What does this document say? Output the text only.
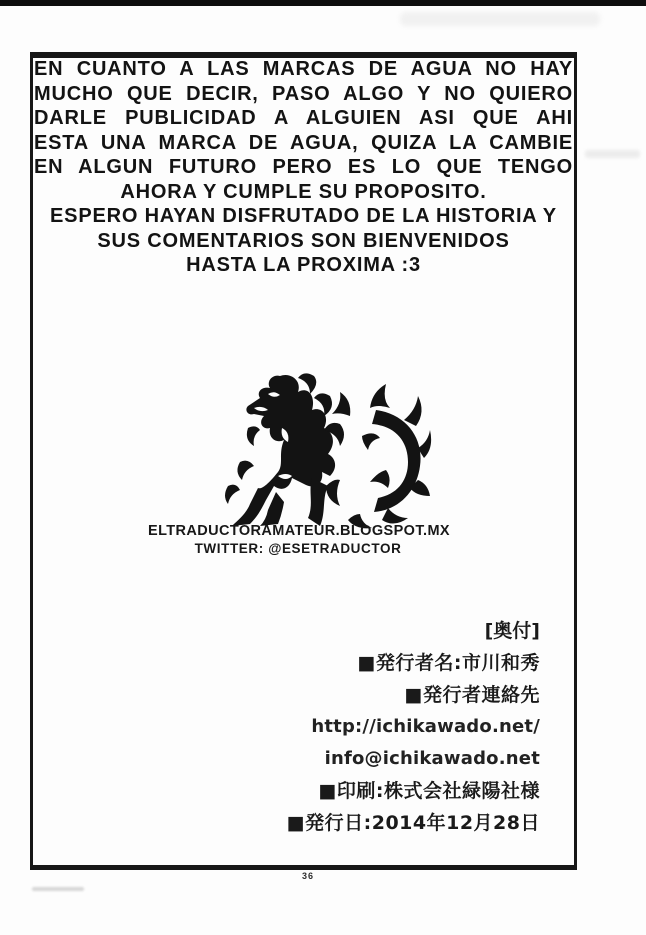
EN CUANTO A LAS MARCAS DE AGUA NO HAY
MUCHO QUE DECIR, PASO ALGO Y NO QUIERO
DARLE PUBLICIDAD A ALGUIEN ASI QUE AHI
ESTA UNA MARCA DE AGUA, QUIZA LA CAMBIE
EN ALGUN FUTURO PERO ES LO QUE TENGO
AHORA Y CUMPLE SU PROPOSITO.
ESPERO HAYAN DISFRUTADO DE LA HISTORIA Y
SUS COMENTARIOS SON BIENVENIDOS
HASTA LA PROXIMA :3
ELTRADUCTORAMATEUR.BLOGSPOT.MX
TWITTER: @ESETRADUCTOR
[奥付]
■発行者名:市川和秀
■発行者連絡先
http://ichikawado.net/
info@ichikawado.net
■印刷:株式会社緑陽社様
■発行日:2014年12月28日
36
